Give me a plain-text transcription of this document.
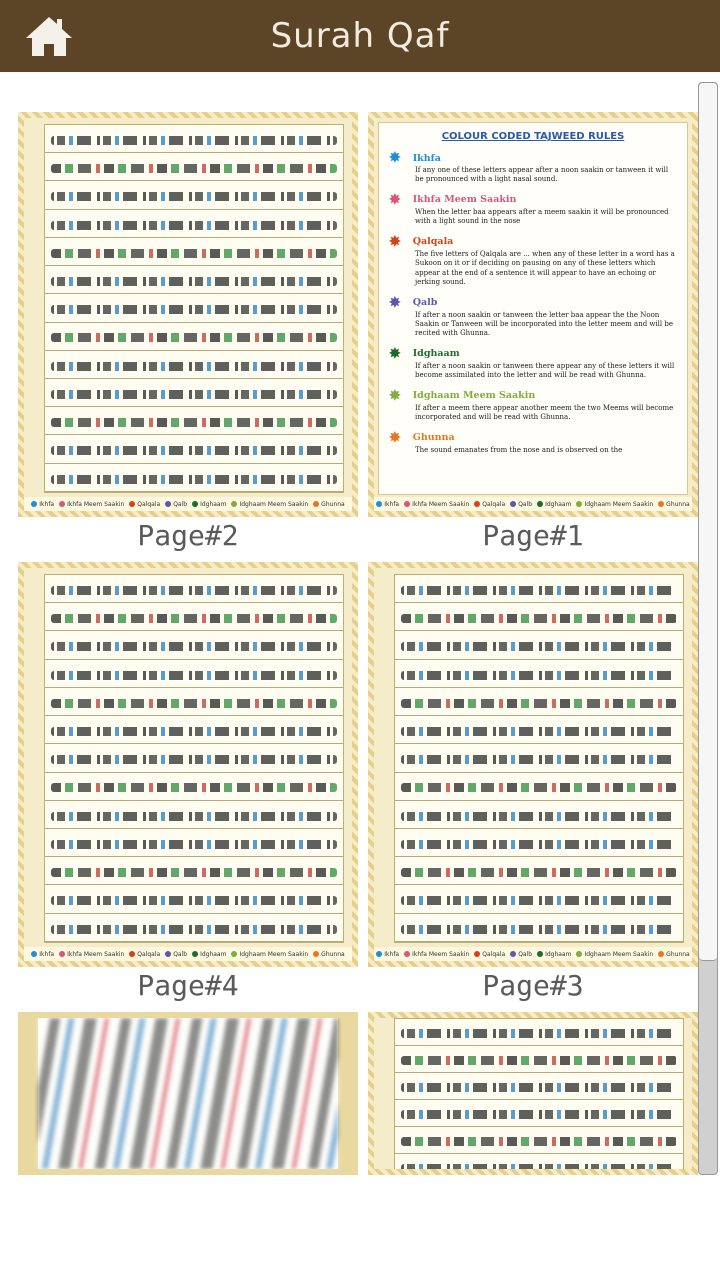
Surah Qaf
Ikhfa	Ikhfa Meem Saakin	Qalqala	Qalb	Idghaam	Idghaam Meem Saakin	Ghunna
Page#2
COLOUR CODED TAJWEED RULES
✸ Ikhfa
If any one of these letters appear after a noon saakin or tanween it will be pronounced with a light nasal sound.
✸ Ikhfa Meem Saakin
When the letter baa appears after a meem saakin it will be pronounced with a light sound in the nose
✸ Qalqala
The five letters of Qalqala are ... when any of these letter in a word has a Sukoon on it or if deciding on pausing on any of these letters which appear at the end of a sentence it will appear to have an echoing or jerking sound.
✸ Qalb
If after a noon saakin or tanween the letter baa appear the the Noon Saakin or Tanween will be incorporated into the letter meem and will be recited with Ghunna.
✸ Idghaam
If after a noon saakin or tanween there appear any of these letters it will become assimilated into the letter and will be read with Ghunna.
✸ Idghaam Meem Saakin
If after a meem there appear another meem the two Meems will become incorporated and will be read with Ghunna.
✸ Ghunna
The sound emanates from the nose and is observed on the
Ikhfa	Ikhfa Meem Saakin	Qalqala	Qalb	Idghaam	Idghaam Meem Saakin	Ghunna
Page#1
Ikhfa	Ikhfa Meem Saakin	Qalqala	Qalb	Idghaam	Idghaam Meem Saakin	Ghunna
Page#4
Ikhfa	Ikhfa Meem Saakin	Qalqala	Qalb	Idghaam	Idghaam Meem Saakin	Ghunna
Page#3
